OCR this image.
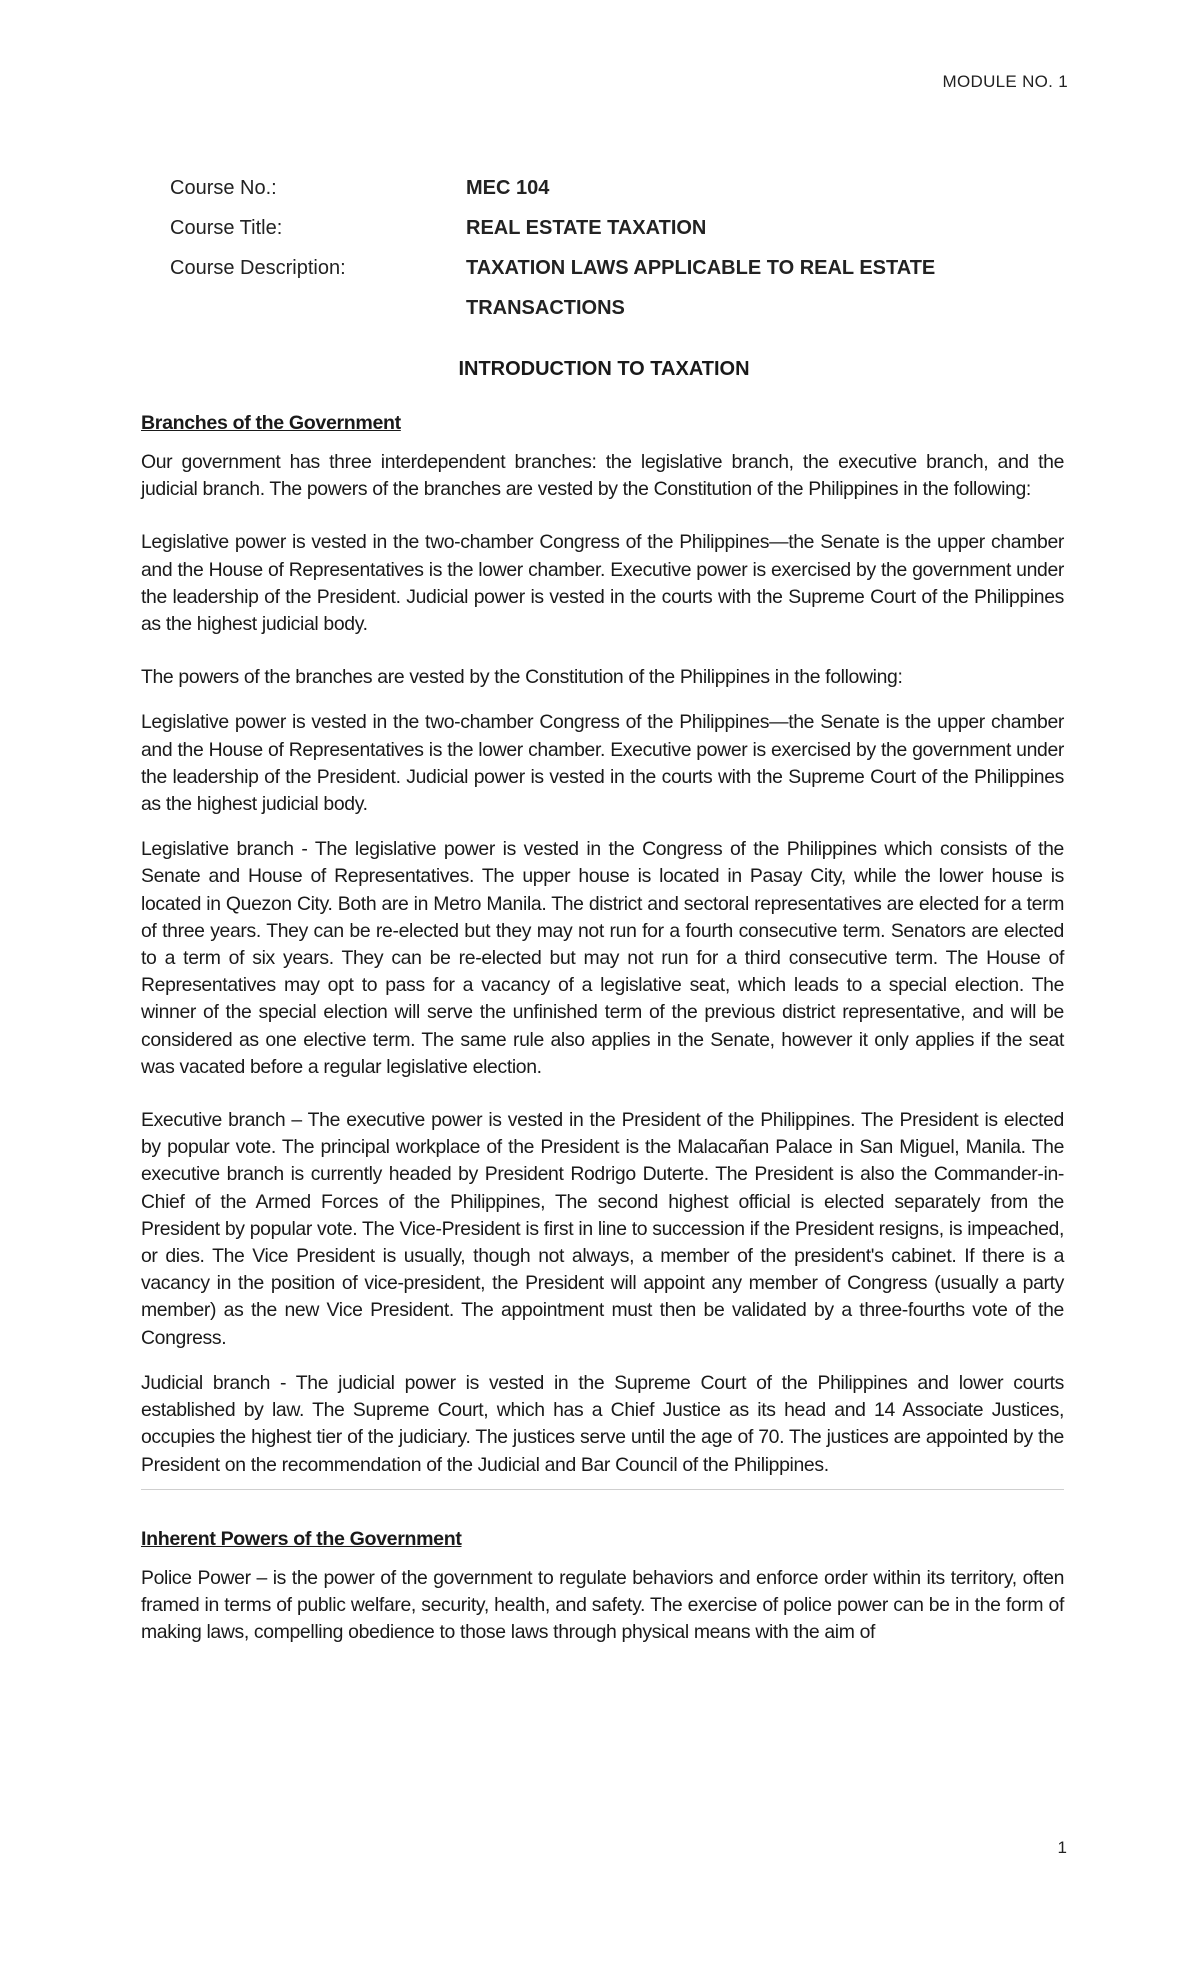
MODULE NO. 1
Course No.:	MEC 104
Course Title:	REAL ESTATE TAXATION
Course Description:	TAXATION LAWS APPLICABLE TO REAL ESTATE
TRANSACTIONS
INTRODUCTION TO TAXATION
Branches of the Government

Our government has three interdependent branches: the legislative branch, the executive branch, and the judicial branch. The powers of the branches are vested by the Constitution of the Philippines in the following:

Legislative power is vested in the two-chamber Congress of the Philippines—the Senate is the upper chamber and the House of Representatives is the lower chamber. Executive power is exercised by the government under the leadership of the President. Judicial power is vested in the courts with the Supreme Court of the Philippines as the highest judicial body.

The powers of the branches are vested by the Constitution of the Philippines in the following:

Legislative power is vested in the two-chamber Congress of the Philippines—the Senate is the upper chamber and the House of Representatives is the lower chamber. Executive power is exercised by the government under the leadership of the President. Judicial power is vested in the courts with the Supreme Court of the Philippines as the highest judicial body.

Legislative branch - The legislative power is vested in the Congress of the Philippines which consists of the Senate and House of Representatives. The upper house is located in Pasay City, while the lower house is located in Quezon City. Both are in Metro Manila. The district and sectoral representatives are elected for a term of three years. They can be re-elected but they may not run for a fourth consecutive term. Senators are elected to a term of six years. They can be re-elected but may not run for a third consecutive term. The House of Representatives may opt to pass for a vacancy of a legislative seat, which leads to a special election. The winner of the special election will serve the unfinished term of the previous district representative, and will be considered as one elective term. The same rule also applies in the Senate, however it only applies if the seat was vacated before a regular legislative election.

Executive branch – The executive power is vested in the President of the Philippines. The President is elected by popular vote. The principal workplace of the President is the Malacañan Palace in San Miguel, Manila. The executive branch is currently headed by President Rodrigo Duterte. The President is also the Commander-in-Chief of the Armed Forces of the Philippines, The second highest official is elected separately from the President by popular vote. The Vice-President is first in line to succession if the President resigns, is impeached, or dies. The Vice President is usually, though not always, a member of the president's cabinet. If there is a vacancy in the position of vice-president, the President will appoint any member of Congress (usually a party member) as the new Vice President. The appointment must then be validated by a three-fourths vote of the Congress.

Judicial branch - The judicial power is vested in the Supreme Court of the Philippines and lower courts established by law. The Supreme Court, which has a Chief Justice as its head and 14 Associate Justices, occupies the highest tier of the judiciary. The justices serve until the age of 70. The justices are appointed by the President on the recommendation of the Judicial and Bar Council of the Philippines.

Inherent Powers of the Government

Police Power – is the power of the government to regulate behaviors and enforce order within its territory, often framed in terms of public welfare, security, health, and safety. The exercise of police power can be in the form of making laws, compelling obedience to those laws through physical means with the aim of

1
